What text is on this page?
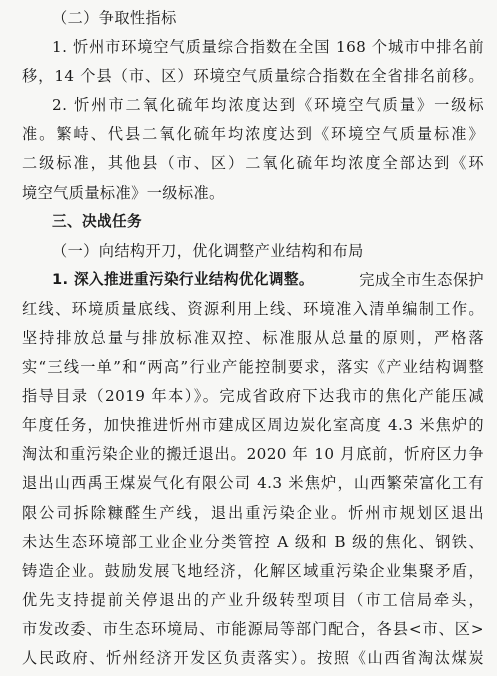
（二）争取性指标
1. 忻州市环境空气质量综合指数在全国 168 个城市中排名前
移，14 个县（市、区）环境空气质量综合指数在全省排名前移。
2. 忻州市二氧化硫年均浓度达到《环境空气质量》一级标
准。繁峙、代县二氧化硫年均浓度达到《环境空气质量标准》
二级标准，其他县（市、区）二氧化硫年均浓度全部达到《环
境空气质量标准》一级标准。
三、决战任务
（一）向结构开刀，优化调整产业结构和布局
1. 深入推进重污染行业结构优化调整。	完成全市生态保护
红线、环境质量底线、资源利用上线、环境准入清单编制工作。
坚持排放总量与排放标准双控、标准服从总量的原则，严格落
实“三线一单”和“两高”行业产能控制要求，落实《产业结构调整
指导目录（2019 年本）》。完成省政府下达我市的焦化产能压减
年度任务，加快推进忻州市建成区周边炭化室高度 4.3 米焦炉的
淘汰和重污染企业的搬迁退出。2020 年 10 月底前，忻府区力争
退出山西禹王煤炭气化有限公司 4.3 米焦炉，山西繁荣富化工有
限公司拆除糠醛生产线，退出重污染企业。忻州市规划区退出
未达生态环境部工业企业分类管控 A 级和 B 级的焦化、钢铁、
铸造企业。鼓励发展飞地经济，化解区域重污染企业集聚矛盾，
优先支持提前关停退出的产业升级转型项目（市工信局牵头，
市发改委、市生态环境局、市能源局等部门配合，各县<市、区>
人民政府、忻州经济开发区负责落实）。按照《山西省淘汰煤炭
